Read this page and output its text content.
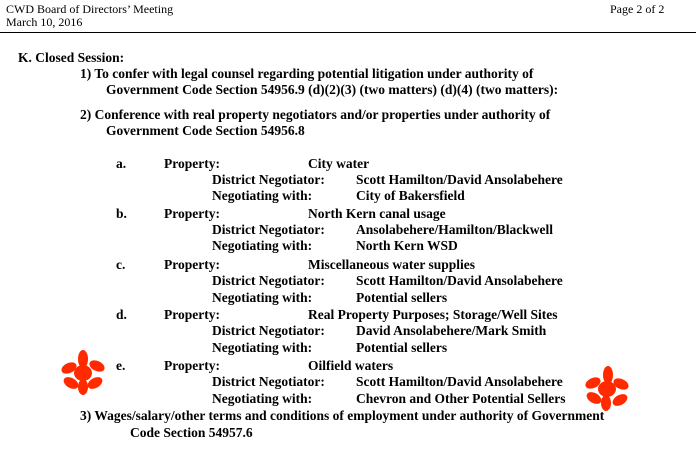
CWD Board of Directors’ Meeting
March 10, 2016
Page 2 of 2
K. Closed Session:
1) To confer with legal counsel regarding potential litigation under authority of
Government Code Section 54956.9 (d)(2)(3) (two matters) (d)(4) (two matters):
2) Conference with real property negotiators and/or properties under authority of
Government Code Section 54956.8
a.	Property:	City water
District Negotiator: Scott Hamilton/David Ansolabehere
Negotiating with:	City of Bakersfield
b.	Property:	North Kern canal usage
District Negotiator: Ansolabehere/Hamilton/Blackwell
Negotiating with:	North Kern WSD
c.	Property:	Miscellaneous water supplies
District Negotiator: Scott Hamilton/David Ansolabehere
Negotiating with:	Potential sellers
d.	Property:	Real Property Purposes; Storage/Well Sites
District Negotiator: David Ansolabehere/Mark Smith
Negotiating with:	Potential sellers
e.	Property:	Oilfield waters
District Negotiator: Scott Hamilton/David Ansolabehere
Negotiating with:	Chevron and Other Potential Sellers
3) Wages/salary/other terms and conditions of employment under authority of Government
Code Section 54957.6
